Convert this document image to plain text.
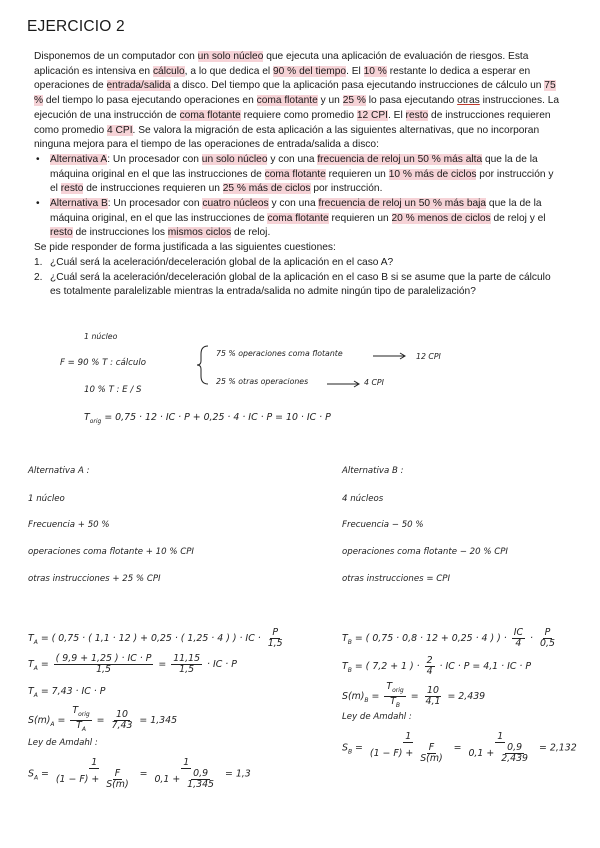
EJERCICIO 2

Disponemos de un computador con un solo núcleo que ejecuta una aplicación de evaluación de riesgos. Esta aplicación es intensiva en cálculo, a lo que dedica el 90 % del tiempo. El 10 % restante lo dedica a esperar en operaciones de entrada/salida a disco. Del tiempo que la aplicación pasa ejecutando instrucciones de cálculo un 75 % del tiempo lo pasa ejecutando operaciones en coma flotante y un 25 % lo pasa ejecutando otras instrucciones. La ejecución de una instrucción de coma flotante requiere como promedio 12 CPI. El resto de instrucciones requieren como promedio 4 CPI. Se valora la migración de esta aplicación a las siguientes alternativas, que no incorporan ninguna mejora para el tiempo de las operaciones de entrada/salida a disco:

• Alternativa A: Un procesador con un solo núcleo y con una frecuencia de reloj un 50 % más alta que la de la máquina original en el que las instrucciones de coma flotante requieren un 10 % más de ciclos por instrucción y el resto de instrucciones requieren un 25 % más de ciclos por instrucción.
• Alternativa B: Un procesador con cuatro núcleos y con una frecuencia de reloj un 50 % más baja que la de la máquina original, en el que las instrucciones de coma flotante requieren un 20 % menos de ciclos de reloj y el resto de instrucciones los mismos ciclos de reloj.

Se pide responder de forma justificada a las siguientes cuestiones:

1. ¿Cuál será la aceleración/deceleración global de la aplicación en el caso A?
2. ¿Cuál será la aceleración/deceleración global de la aplicación en el caso B si se asume que la parte de cálculo es totalmente paralelizable mientras la entrada/salida no admite ningún tipo de paralelización?
1 núcleo
F = 90 % T : cálculo
75 % operaciones coma flotante	12 CPI
25 % otras operaciones	4 CPI
10 % T : E / S
$T_{orig} = 0,75 \cdot 12$ · IC · P + 0,25 · 4 · IC · P = 10 · IC · P
Alternativa A :
1 núcleo
Frecuencia + 50 %
operaciones coma flotante + 10 % CPI
otras instrucciones + 25 % CPI
Alternativa B :
4 núcleos
Frecuencia − 50 %
operaciones coma flotante − 20 % CPI
otras instrucciones = CPI
$T_A$ = ( 0,75 · ( 1,1 · 12 ) + 0,25 · ( 1,25 · 4 ) ) · IC · $\frac{P}{1,5}$
$T_A = \frac{( 9,9 + 1,25 ) \cdot IC \cdot P}{1,5} = \frac{11,15}{1,5}$ · IC · P
$T_A = 7,43$ · IC · P
$S(m)_A = \frac{T_{orig}}{T_A} = \frac{10}{7,43} = 1,345$
Ley de Amdahl :
$S_A = \frac{1}{(1 - F) + \frac{F}{S(m)}} = \frac{1}{0,1 + \frac{0,9}{1,345}} = 1,3$
$T_B$ = ( 0,75 · 0,8 · 12 + 0,25 · 4 ) ) · $\frac{IC}{4} \cdot \frac{P}{0,5}$
$T_B$ = ( 7,2 + 1 ) · $\frac{2}{4}$ · IC · P = 4,1 · IC · P
$S(m)_B = \frac{T_{orig}}{T_B} = \frac{10}{4,1} = 2,439$
Ley de Amdahl :
$S_B = \frac{1}{(1 - F) + \frac{F}{S(m)}} = \frac{1}{0,1 + \frac{0,9}{2,439}} = 2,132$
